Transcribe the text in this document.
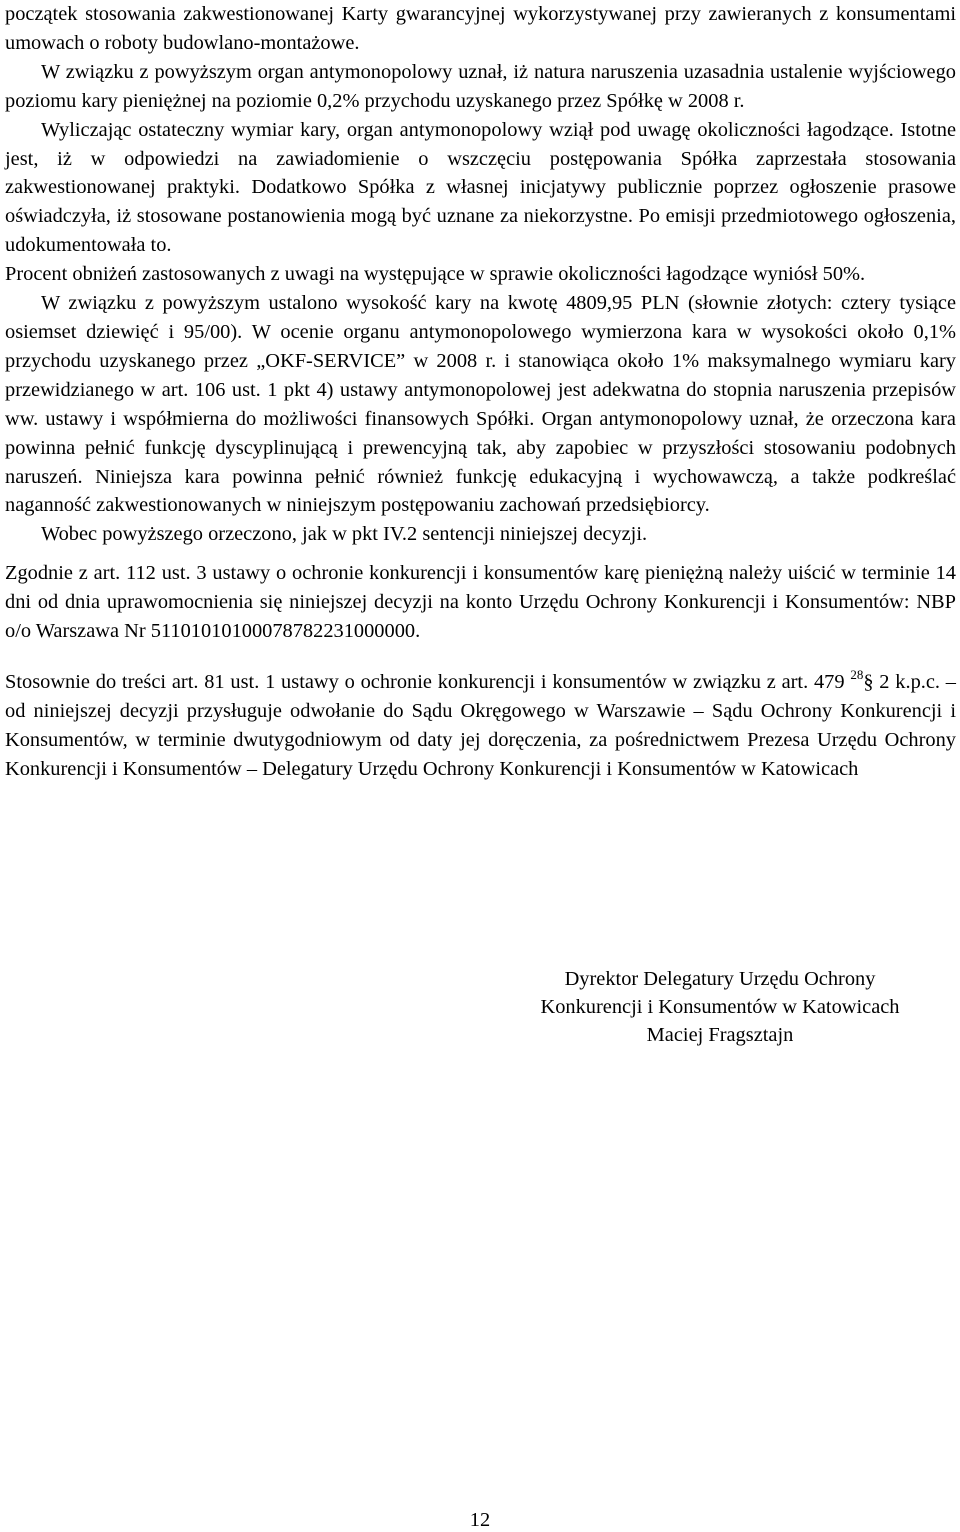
początek stosowania zakwestionowanej Karty gwarancyjnej wykorzystywanej przy zawieranych z konsumentami umowach o roboty budowlano-montażowe.

W związku z powyższym organ antymonopolowy uznał, iż natura naruszenia uzasadnia ustalenie wyjściowego poziomu kary pieniężnej na poziomie 0,2% przychodu uzyskanego przez Spółkę w 2008 r.

Wyliczając ostateczny wymiar kary, organ antymonopolowy wziął pod uwagę okoliczności łagodzące. Istotne jest, iż w odpowiedzi na zawiadomienie o wszczęciu postępowania Spółka zaprzestała stosowania zakwestionowanej praktyki. Dodatkowo Spółka z własnej inicjatywy publicznie poprzez ogłoszenie prasowe oświadczyła, iż stosowane postanowienia mogą być uznane za niekorzystne. Po emisji przedmiotowego ogłoszenia, udokumentowała to.

Procent obniżeń zastosowanych z uwagi na występujące w sprawie okoliczności łagodzące wyniósł 50%.

W związku z powyższym ustalono wysokość kary na kwotę 4809,95 PLN (słownie złotych: cztery tysiące osiemset dziewięć i 95/00). W ocenie organu antymonopolowego wymierzona kara w wysokości około 0,1% przychodu uzyskanego przez „OKF-SERVICE” w 2008 r. i stanowiąca około 1% maksymalnego wymiaru kary przewidzianego w art. 106 ust. 1 pkt 4) ustawy antymonopolowej jest adekwatna do stopnia naruszenia przepisów ww. ustawy i współmierna do możliwości finansowych Spółki. Organ antymonopolowy uznał, że orzeczona kara powinna pełnić funkcję dyscyplinującą i prewencyjną tak, aby zapobiec w przyszłości stosowaniu podobnych naruszeń. Niniejsza kara powinna pełnić również funkcję edukacyjną i wychowawczą, a także podkreślać naganność zakwestionowanych w niniejszym postępowaniu zachowań przedsiębiorcy.

Wobec powyższego orzeczono, jak w pkt IV.2 sentencji niniejszej decyzji.

Zgodnie z art. 112 ust. 3 ustawy o ochronie konkurencji i konsumentów karę pieniężną należy uiścić w terminie 14 dni od dnia uprawomocnienia się niniejszej decyzji na konto Urzędu Ochrony Konkurencji i Konsumentów: NBP o/o Warszawa Nr 51101010100078782231000000.

Stosownie do treści art. 81 ust. 1 ustawy o ochronie konkurencji i konsumentów w związku z art. 479 $^{28}$§ 2 k.p.c. – od niniejszej decyzji przysługuje odwołanie do Sądu Okręgowego w Warszawie – Sądu Ochrony Konkurencji i Konsumentów, w terminie dwutygodniowym od daty jej doręczenia, za pośrednictwem Prezesa Urzędu Ochrony Konkurencji i Konsumentów – Delegatury Urzędu Ochrony Konkurencji i Konsumentów w Katowicach

Dyrektor Delegatury Urzędu Ochrony
Konkurencji i Konsumentów w Katowicach
Maciej Fragsztajn
12
